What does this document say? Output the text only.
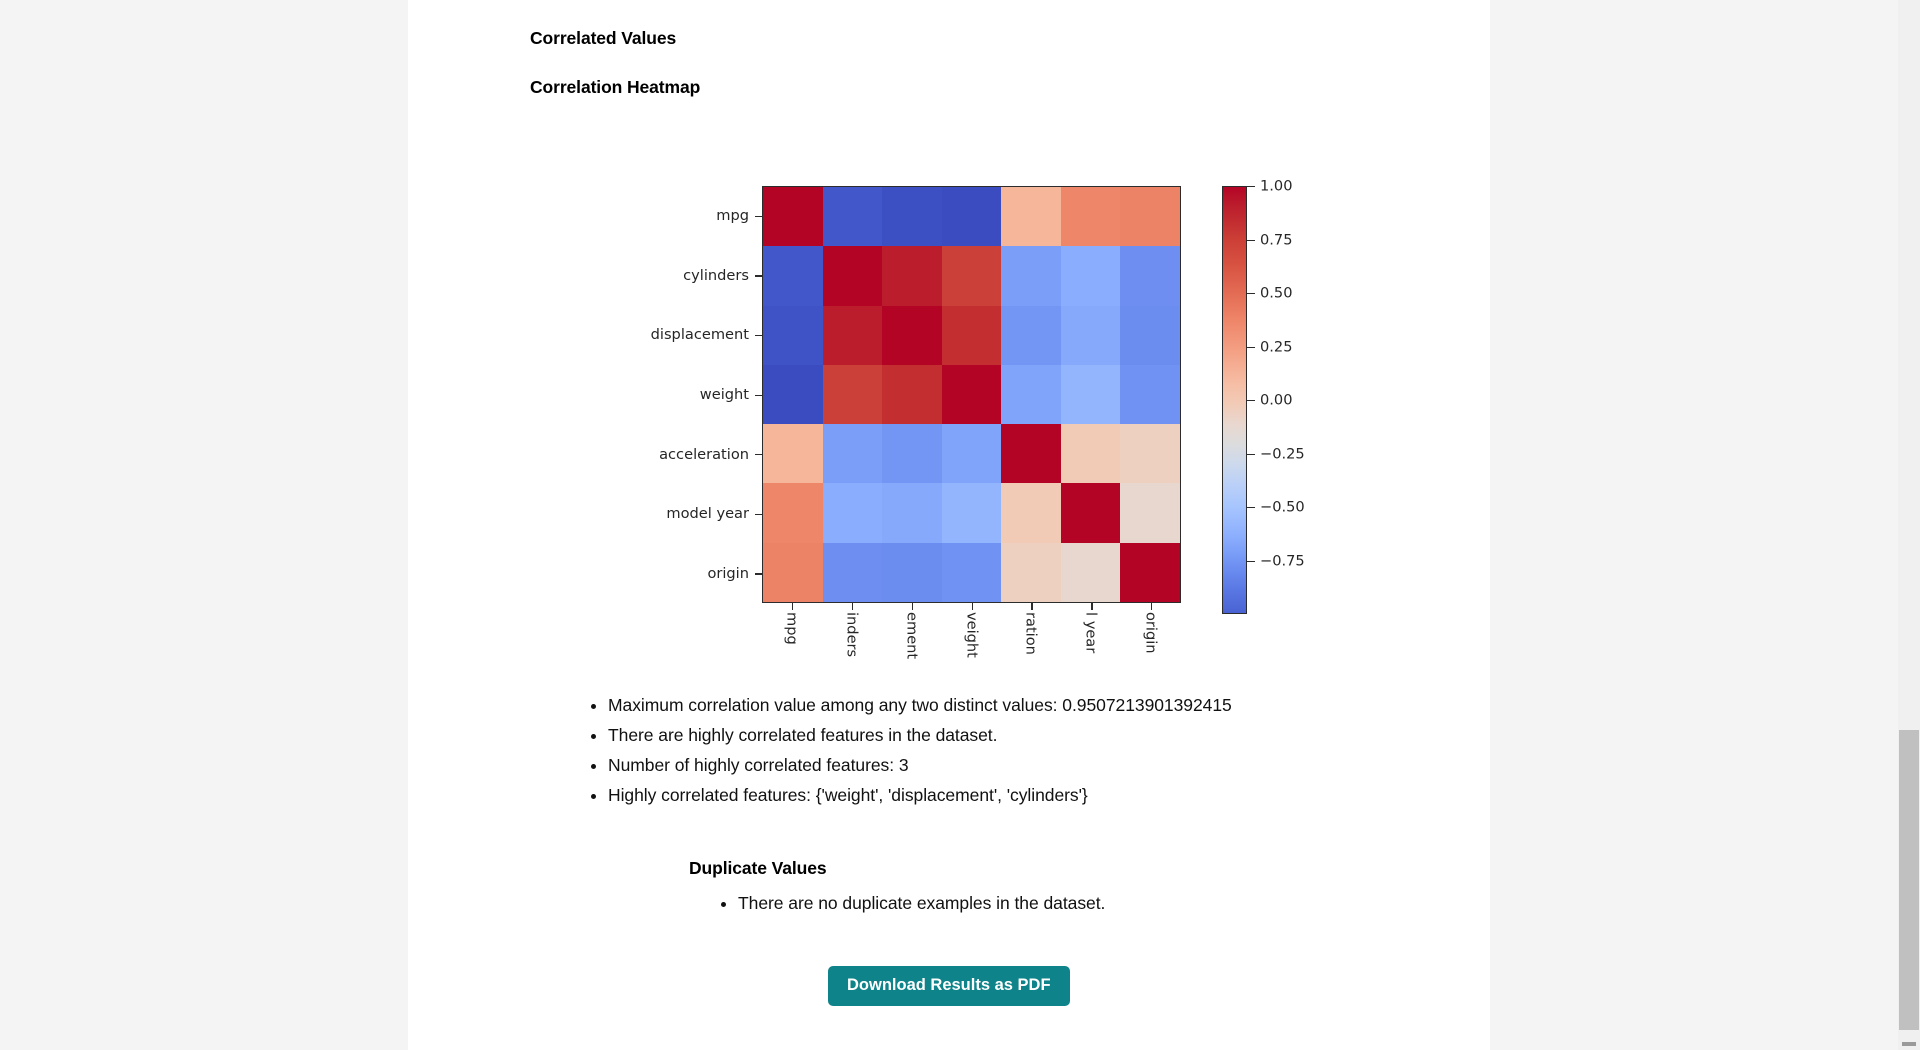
Correlated Values
Correlation Heatmap
mpg
cylinders
displacement
weight
acceleration
model year
origin
mpg	inders	ement	veight	ration	l year	origin
1.00
0.75
0.50
0.25
0.00
−0.25
−0.50
−0.75
• Maximum correlation value among any two distinct values: 0.9507213901392415
• There are highly correlated features in the dataset.
• Number of highly correlated features: 3
• Highly correlated features: {'weight', 'displacement', 'cylinders'}
Duplicate Values
• There are no duplicate examples in the dataset.
Download Results as PDF
